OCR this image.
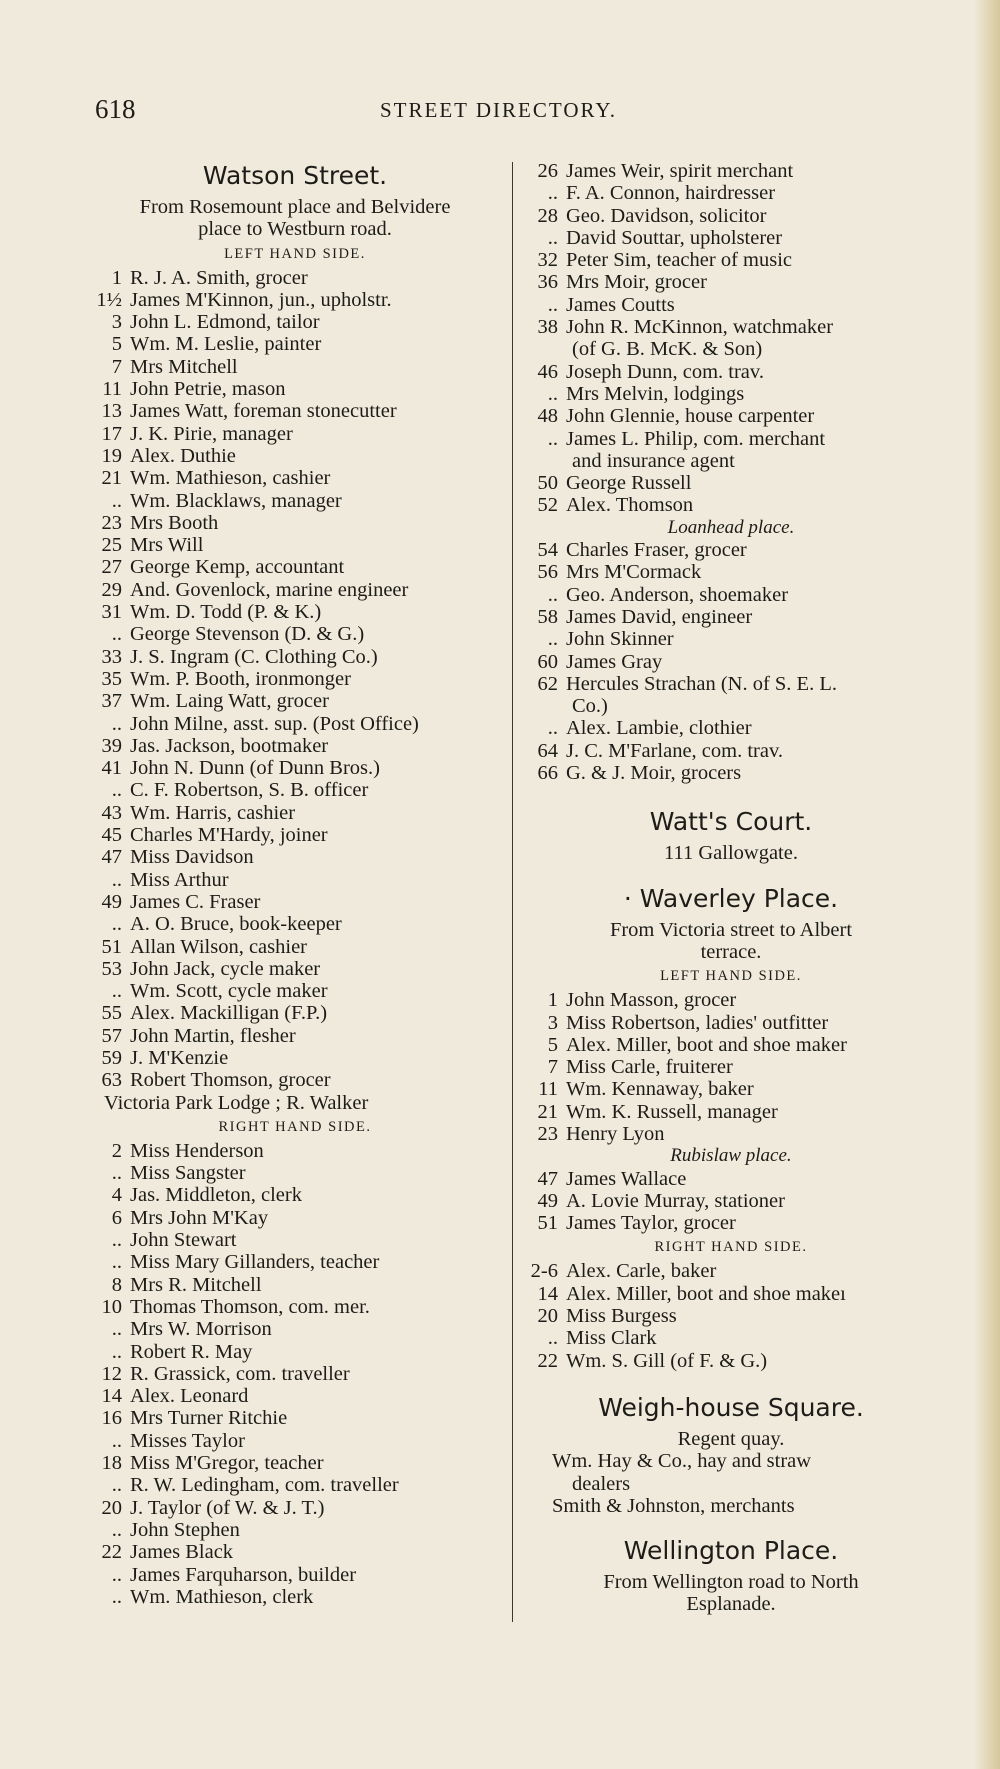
618	STREET DIRECTORY.
Watson Street.
From Rosemount place and Belvidere
place to Westburn road.
LEFT HAND SIDE.
1 R. J. A. Smith, grocer
1½ James M'Kinnon, jun., upholstr.
3 John L. Edmond, tailor
5 Wm. M. Leslie, painter
7 Mrs Mitchell
11 John Petrie, mason
13 James Watt, foreman stonecutter
17 J. K. Pirie, manager
19 Alex. Duthie
21 Wm. Mathieson, cashier
.. Wm. Blacklaws, manager
23 Mrs Booth
25 Mrs Will
27 George Kemp, accountant
29 And. Govenlock, marine engineer
31 Wm. D. Todd (P. & K.)
.. George Stevenson (D. & G.)
33 J. S. Ingram (C. Clothing Co.)
35 Wm. P. Booth, ironmonger
37 Wm. Laing Watt, grocer
.. John Milne, asst. sup. (Post Office)
39 Jas. Jackson, bootmaker
41 John N. Dunn (of Dunn Bros.)
.. C. F. Robertson, S. B. officer
43 Wm. Harris, cashier
45 Charles M'Hardy, joiner
47 Miss Davidson
.. Miss Arthur
49 James C. Fraser
.. A. O. Bruce, book-keeper
51 Allan Wilson, cashier
53 John Jack, cycle maker
.. Wm. Scott, cycle maker
55 Alex. Mackilligan (F.P.)
57 John Martin, flesher
59 J. M'Kenzie
63 Robert Thomson, grocer
Victoria Park Lodge ; R. Walker
RIGHT HAND SIDE.
2 Miss Henderson
.. Miss Sangster
4 Jas. Middleton, clerk
6 Mrs John M'Kay
.. John Stewart
.. Miss Mary Gillanders, teacher
8 Mrs R. Mitchell
10 Thomas Thomson, com. mer.
.. Mrs W. Morrison
.. Robert R. May
12 R. Grassick, com. traveller
14 Alex. Leonard
16 Mrs Turner Ritchie
.. Misses Taylor
18 Miss M'Gregor, teacher
.. R. W. Ledingham, com. traveller
20 J. Taylor (of W. & J. T.)
.. John Stephen
22 James Black
.. James Farquharson, builder
.. Wm. Mathieson, clerk
26 James Weir, spirit merchant
.. F. A. Connon, hairdresser
28 Geo. Davidson, solicitor
.. David Souttar, upholsterer
32 Peter Sim, teacher of music
36 Mrs Moir, grocer
.. James Coutts
38 John R. McKinnon, watchmaker
(of G. B. McK. & Son)
46 Joseph Dunn, com. trav.
.. Mrs Melvin, lodgings
48 John Glennie, house carpenter
.. James L. Philip, com. merchant
and insurance agent
50 George Russell
52 Alex. Thomson
Loanhead place.
54 Charles Fraser, grocer
56 Mrs M'Cormack
.. Geo. Anderson, shoemaker
58 James David, engineer
.. John Skinner
60 James Gray
62 Hercules Strachan (N. of S. E. L.
Co.)
.. Alex. Lambie, clothier
64 J. C. M'Farlane, com. trav.
66 G. & J. Moir, grocers
Watt's Court.
111 Gallowgate.
· Waverley Place.
From Victoria street to Albert
terrace.
LEFT HAND SIDE.
1 John Masson, grocer
3 Miss Robertson, ladies' outfitter
5 Alex. Miller, boot and shoe maker
7 Miss Carle, fruiterer
11 Wm. Kennaway, baker
21 Wm. K. Russell, manager
23 Henry Lyon
Rubislaw place.
47 James Wallace
49 A. Lovie Murray, stationer
51 James Taylor, grocer
RIGHT HAND SIDE.
2-6 Alex. Carle, baker
14 Alex. Miller, boot and shoe makeı
20 Miss Burgess
.. Miss Clark
22 Wm. S. Gill (of F. & G.)
Weigh-house Square.
Regent quay.
Wm. Hay & Co., hay and straw
dealers
Smith & Johnston, merchants
Wellington Place.
From Wellington road to North
Esplanade.
